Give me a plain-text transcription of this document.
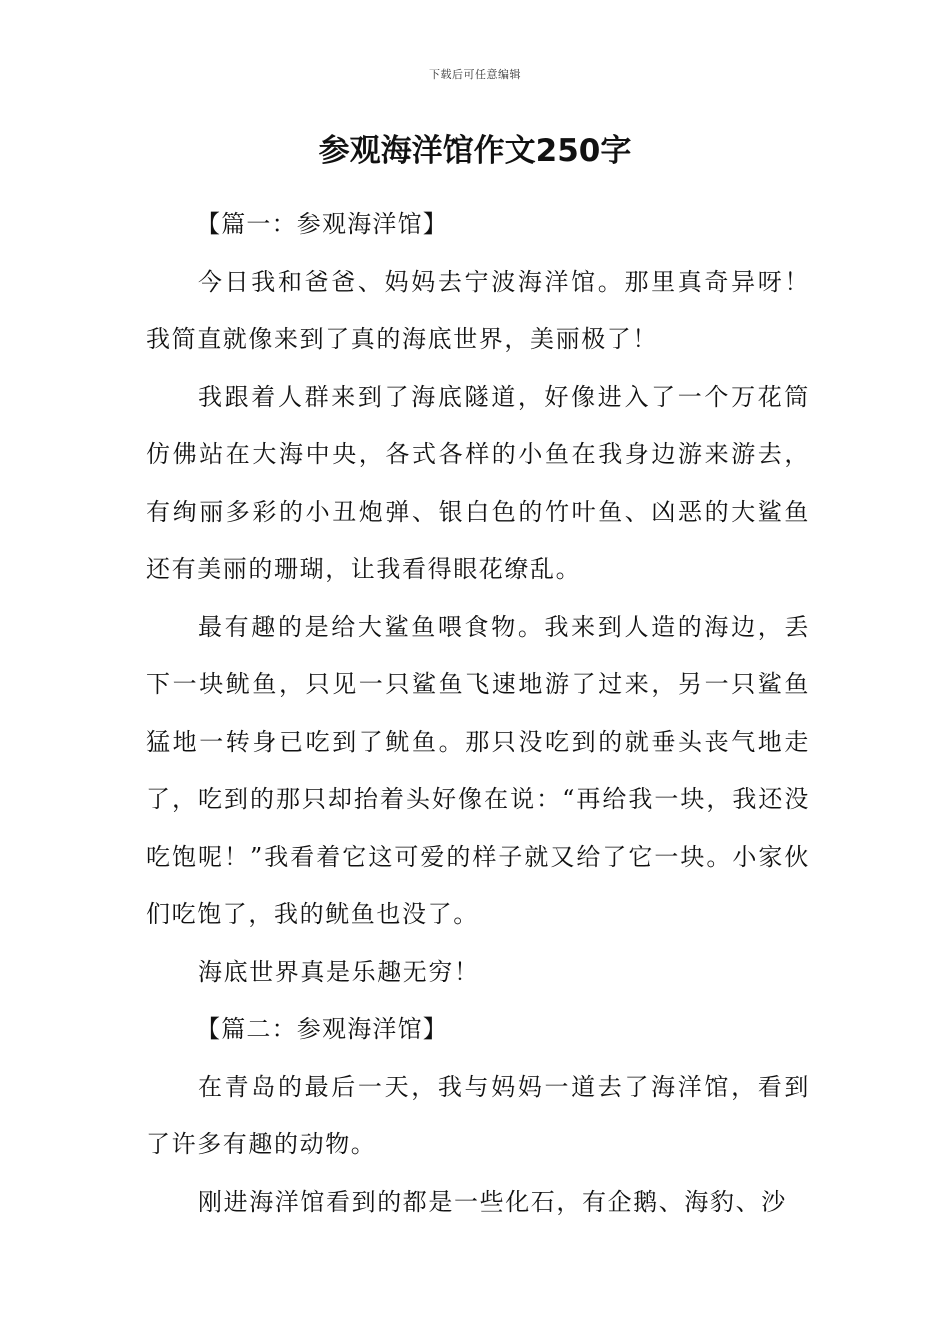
下载后可任意编辑
参观海洋馆作文250字

【篇一：参观海洋馆】

今日我和爸爸、妈妈去宁波海洋馆。那里真奇异呀！我简直就像来到了真的海底世界，美丽极了！

我跟着人群来到了海底隧道，好像进入了一个万花筒仿佛站在大海中央，各式各样的小鱼在我身边游来游去，有绚丽多彩的小丑炮弹、银白色的竹叶鱼、凶恶的大鲨鱼还有美丽的珊瑚，让我看得眼花缭乱。

最有趣的是给大鲨鱼喂食物。我来到人造的海边，丢下一块鱿鱼，只见一只鲨鱼飞速地游了过来，另一只鲨鱼猛地一转身已吃到了鱿鱼。那只没吃到的就垂头丧气地走了，吃到的那只却抬着头好像在说：“再给我一块，我还没吃饱呢！”我看着它这可爱的样子就又给了它一块。小家伙们吃饱了，我的鱿鱼也没了。

海底世界真是乐趣无穷！

【篇二：参观海洋馆】

在青岛的最后一天，我与妈妈一道去了海洋馆，看到了许多有趣的动物。

刚进海洋馆看到的都是一些化石，有企鹅、海豹、沙
